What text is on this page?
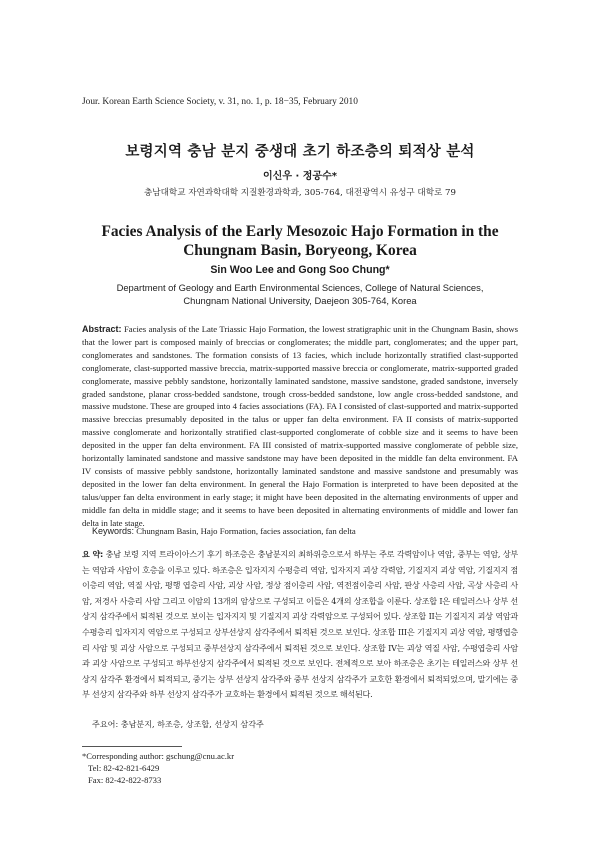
Jour. Korean Earth Science Society, v. 31, no. 1, p. 18−35, February 2010
보령지역 충남 분지 중생대 초기 하조층의 퇴적상 분석
이신우 · 정공수*
충남대학교 자연과학대학 지질환경과학과, 305-764, 대전광역시 유성구 대학로 79
Facies Analysis of the Early Mesozoic Hajo Formation in the
Chungnam Basin, Boryeong, Korea
Sin Woo Lee and Gong Soo Chung*
Department of Geology and Earth Environmental Sciences, College of Natural Sciences,
Chungnam National University, Daejeon 305-764, Korea

Abstract: Facies analysis of the Late Triassic Hajo Formation, the lowest stratigraphic unit in the Chungnam Basin, shows that the lower part is composed mainly of breccias or conglomerates; the middle part, conglomerates; and the upper part, conglomerates and sandstones. The formation consists of 13 facies, which include horizontally stratified clast-supported conglomerate, clast-supported massive breccia, matrix-supported massive breccia or conglomerate, matrix-supported graded conglomerate, massive pebbly sandstone, horizontally laminated sandstone, massive sandstone, graded sandstone, inversely graded sandstone, planar cross-bedded sandstone, trough cross-bedded sandstone, low angle cross-bedded sandstone, and massive mudstone. These are grouped into 4 facies associations (FA). FA I consisted of clast-supported and matrix-supported massive breccias presumably deposited in the talus or upper fan delta environment. FA II consists of matrix-supported massive conglomerate and horizontally stratified clast-supported conglomerate of cobble size and it seems to have been deposited in the upper fan delta environment. FA III consisted of matrix-supported massive conglomerate of pebble size, horizontally laminated sandstone and massive sandstone may have been deposited in the middle fan delta environment. FA IV consists of massive pebbly sandstone, horizontally laminated sandstone and massive sandstone and presumably was deposited in the lower fan delta environment. In general the Hajo Formation is interpreted to have been deposited at the talus/upper fan delta environment in early stage; it might have been deposited in the alternating environments of upper and middle fan delta in middle stage; and it seems to have been deposited in alternating environments of middle and lower fan delta in late stage.

Keywords: Chungnam Basin, Hajo Formation, facies association, fan delta

요 약: 충남 보령 지역 트라이아스기 후기 하조층은 충남분지의 최하위층으로서 하부는 주로 각력암이나 역암, 중부는 역암, 상부는 역암과 사암이 호층을 이루고 있다. 하조층은 입자지지 수평층리 역암, 입자지지 괴상 각력암, 기질지지 괴상 역암, 기질지지 점이층리 역암, 역질 사암, 평행 엽층리 사암, 괴상 사암, 정상 점이층리 사암, 역전점이층리 사암, 판상 사층리 사암, 곡상 사층리 사암, 저경사 사층리 사암 그리고 이암의 13개의 암상으로 구성되고 이들은 4개의 상조합을 이룬다. 상조합 I은 테일러스나 상부 선상지 삼각주에서 퇴적된 것으로 보이는 입자지지 및 기질지지 괴상 각력암으로 구성되어 있다. 상조합 II는 기질지지 괴상 역암과 수평층리 입자지지 역암으로 구성되고 상부선상지 삼각주에서 퇴적된 것으로 보인다. 상조합 III은 기질지지 괴상 역암, 평행엽층리 사암 및 괴상 사암으로 구성되고 중부선상지 삼각주에서 퇴적된 것으로 보인다. 상조합 IV는 괴상 역질 사암, 수평엽층리 사암과 괴상 사암으로 구성되고 하부선상지 삼각주에서 퇴적된 것으로 보인다. 전체적으로 보아 하조층은 초기는 테일러스와 상부 선상지 삼각주 환경에서 퇴적되고, 중기는 상부 선상지 삼각주와 중부 선상지 삼각주가 교호한 환경에서 퇴적되었으며, 말기에는 중부 선상지 삼각주와 하부 선상지 삼각주가 교호하는 환경에서 퇴적된 것으로 해석된다.

주요어: 충남분지, 하조층, 상조합, 선상지 삼각주

*Corresponding author: gschung@cnu.ac.kr
Tel: 82-42-821-6429
Fax: 82-42-822-8733
